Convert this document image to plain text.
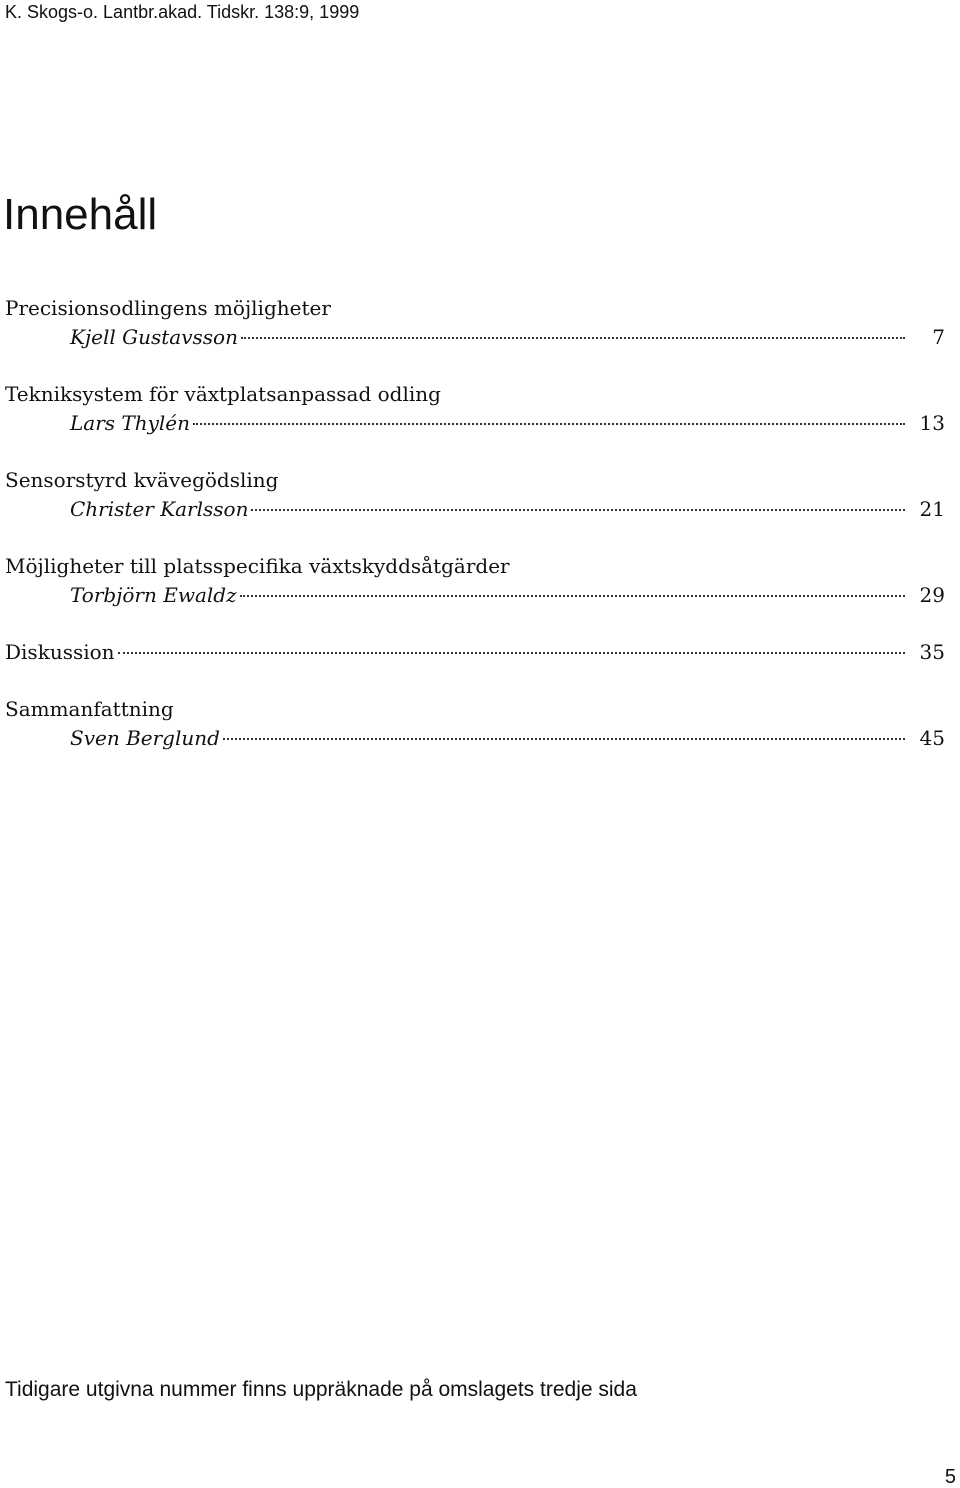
K. Skogs-o. Lantbr.akad. Tidskr. 138:9, 1999
Innehåll
Precisionsodlingens möjligheter
Kjell Gustavsson	7
Tekniksystem för växtplatsanpassad odling
Lars Thylén	13
Sensorstyrd kvävegödsling
Christer Karlsson	21
Möjligheter till platsspecifika växtskyddsåtgärder
Torbjörn Ewaldz	29
Diskussion	35
Sammanfattning
Sven Berglund	45
Tidigare utgivna nummer finns uppräknade på omslagets tredje sida
5
